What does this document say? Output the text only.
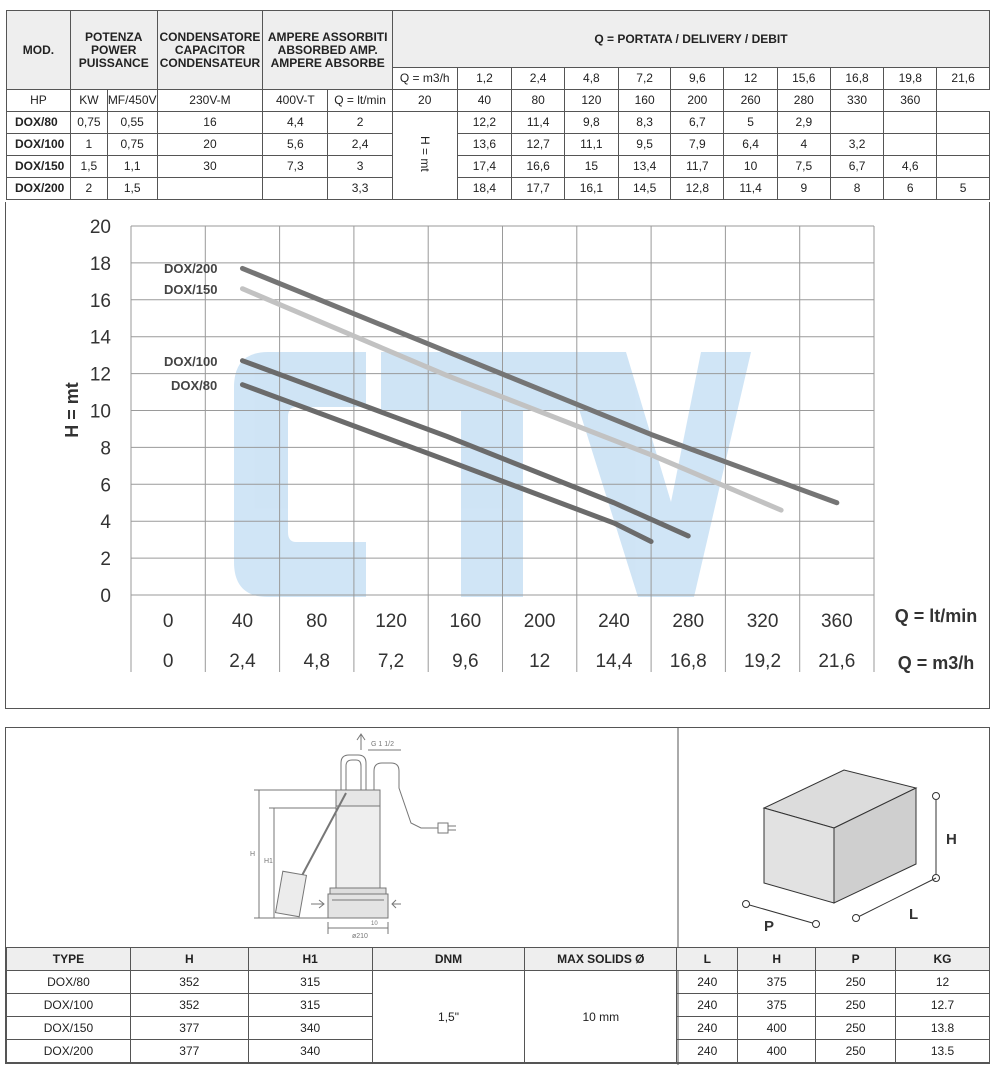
MOD.	POTENZA
POWER
PUISSANCE		CONDENSATORE
CAPACITOR
CONDENSATEUR	AMPERE ASSORBITI
ABSORBED AMP.
AMPERE ABSORBE		Q = PORTATA / DELIVERY / DEBIT										
						Q = m3/h	1,2	2,4	4,8	7,2	9,6	12	15,6	16,8	19,8	21,6
HP	KW	MF/450V	230V-M	400V-T	Q = lt/min	20	40	80	120	160	200	260	280	330	360	
DOX/80	0,75	0,55	16	4,4	2	H = mt	12,2	11,4	9,8	8,3	6,7	5	2,9			
DOX/100	1	0,75	20	5,6	2,4		13,6	12,7	11,1	9,5	7,9	6,4	4	3,2		
DOX/150	1,5	1,1	30	7,3	3		17,4	16,6	15	13,4	11,7	10	7,5	6,7	4,6	
DOX/200	2	1,5			3,3		18,4	17,7	16,1	14,5	12,8	11,4	9	8	6	5
0
2
4
6
8
10
12
14
16
18
20
0	40	80	120 160 200 240 280 320 360
0	2,4	4,8	7,2	9,6	12 14,4 16,8 19,2 21,6
Q = lt/min
Q = m3/h
H = mt
DOX/200
DOX/150
DOX/100
DOX/80
G 1 1/2
H
H1
10
ø210
H
L
P
TYPE	H	H1	DNM	MAX SOLIDS Ø	L	H	P	KG
DOX/80	352	315	1,5"	10 mm	240	375	250	12
DOX/100	352	315			240	375	250	12.7
DOX/150	377	340			240	400	250	13.8
DOX/200	377	340			240	400	250	13.5
